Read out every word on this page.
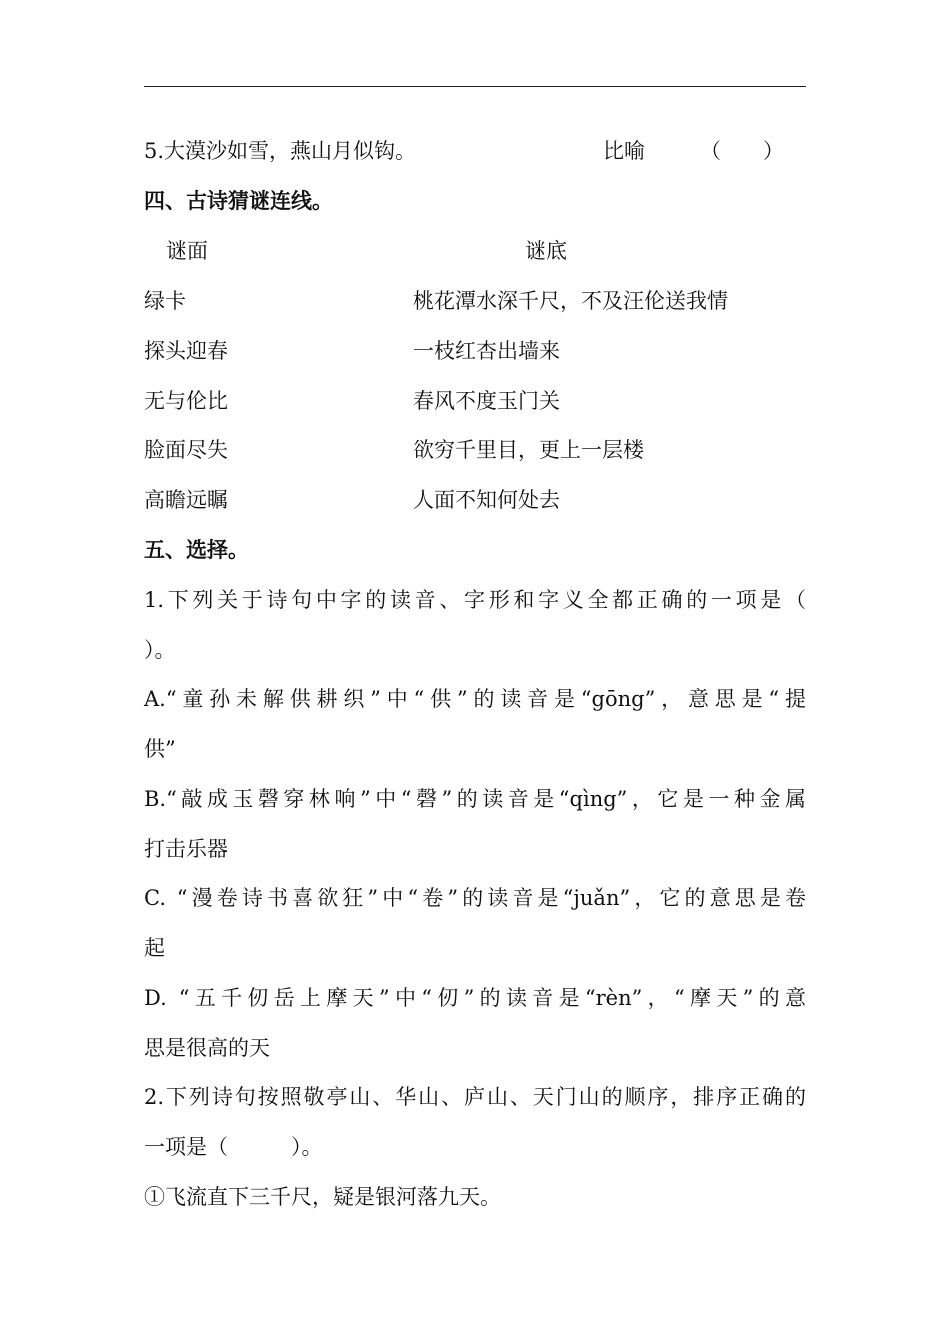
5.大漠沙如雪，燕山月似钩。	比喻	（　　）
四、古诗猜谜连线。
谜面	谜底
绿卡	桃花潭水深千尺，不及汪伦送我情
探头迎春	一枝红杏出墙来
无与伦比	春风不度玉门关
脸面尽失	欲穷千里目，更上一层楼
高瞻远瞩	人面不知何处去
五、选择。
1.下列关于诗句中字的读音、字形和字义全都正确的一项是（
）。
A.“童孙未解供耕织”中“供”的读音是“gōng”，意思是“提
供”
B.“敲成玉磬穿林响”中“磬”的读音是“qìng”，它是一种金属
打击乐器
C. “漫卷诗书喜欲狂”中“卷”的读音是“juǎn”，它的意思是卷
起
D. “五千仞岳上摩天”中“仞”的读音是“rèn”，“摩天”的意
思是很高的天
2.下列诗句按照敬亭山、华山、庐山、天门山的顺序，排序正确的
一项是（　　　）。
①飞流直下三千尺，疑是银河落九天。
